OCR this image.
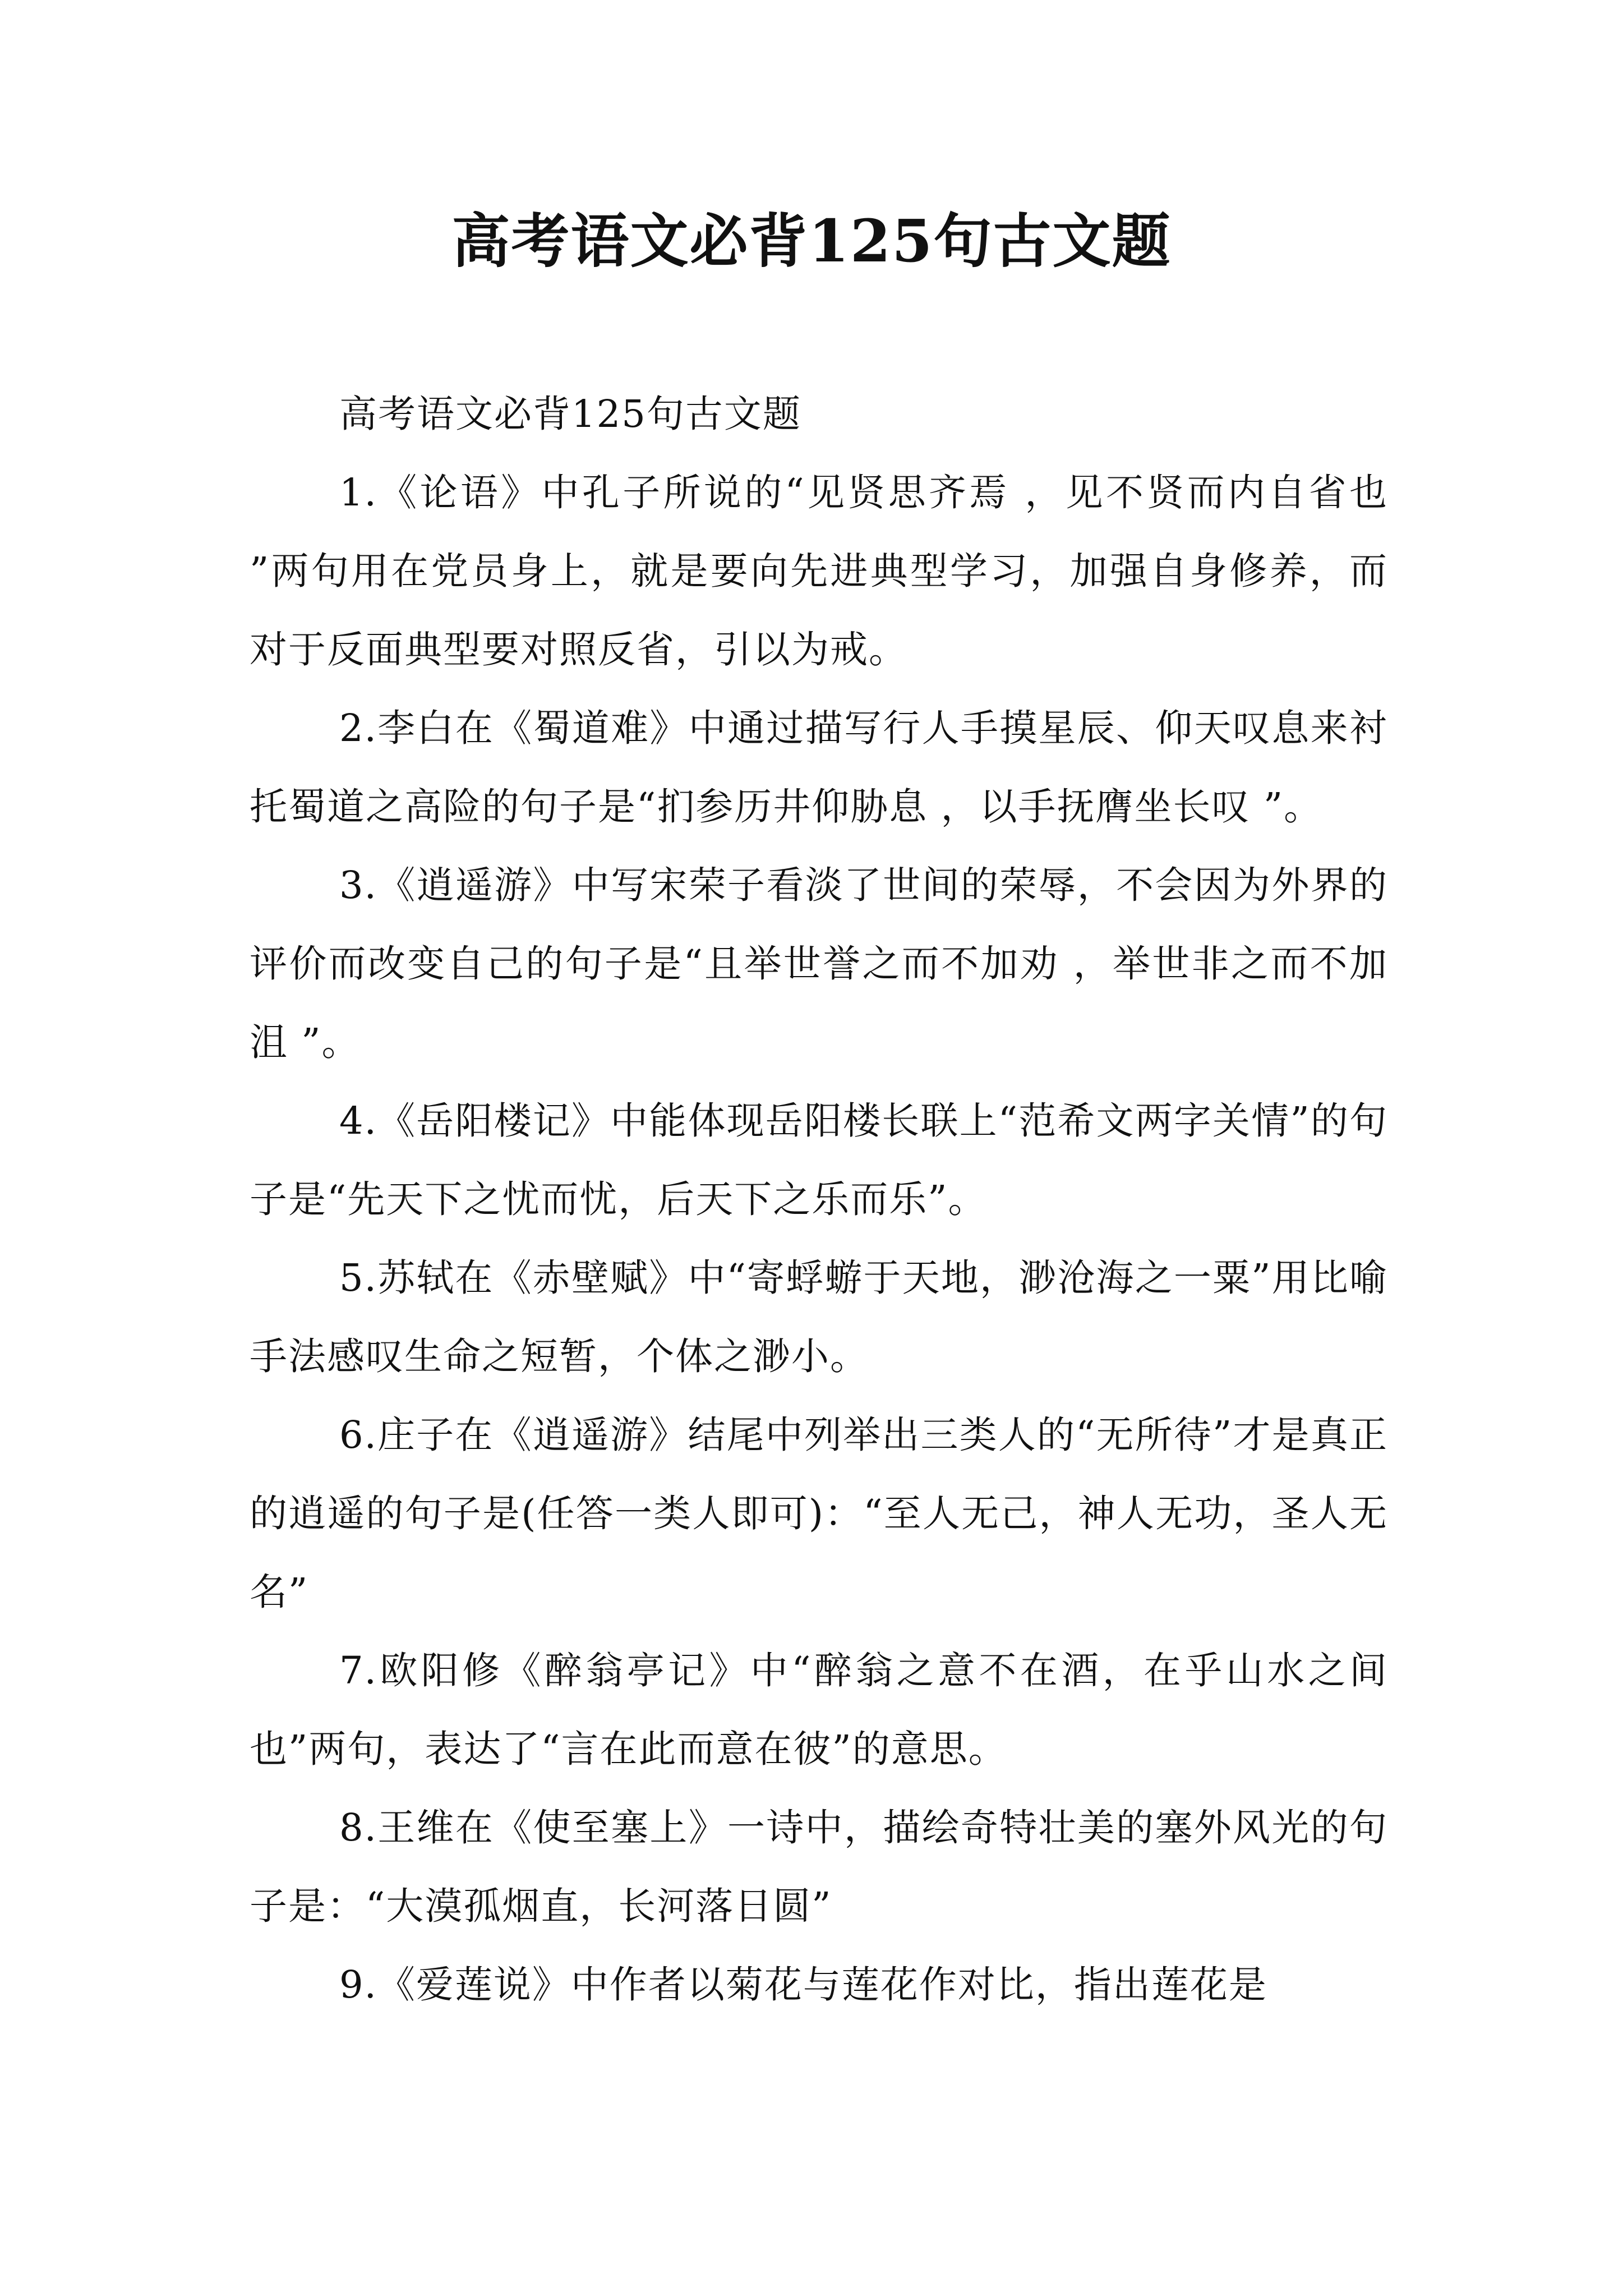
高考语文必背125句古文题

高考语文必背125句古文题

1.《论语》中孔子所说的“见贤思齐焉 ，见不贤而内自省也 ”两句用在党员身上，就是要向先进典型学习，加强自身修养，而对于反面典型要对照反省，引以为戒。

2.李白在《蜀道难》中通过描写行人手摸星辰、仰天叹息来衬托蜀道之高险的句子是“扪参历井仰胁息 ，以手抚膺坐长叹 ”。

3.《逍遥游》中写宋荣子看淡了世间的荣辱，不会因为外界的评价而改变自己的句子是“且举世誉之而不加劝 ，举世非之而不加沮 ”。

4.《岳阳楼记》中能体现岳阳楼长联上“范希文两字关情”的句子是“先天下之忧而忧，后天下之乐而乐”。

5.苏轼在《赤壁赋》中“寄蜉蝣于天地，渺沧海之一粟”用比喻手法感叹生命之短暂，个体之渺小。

6.庄子在《逍遥游》结尾中列举出三类人的“无所待”才是真正的逍遥的句子是(任答一类人即可)：“至人无己，神人无功，圣人无名”

7.欧阳修《醉翁亭记》中“醉翁之意不在酒，在乎山水之间也”两句，表达了“言在此而意在彼”的意思。

8.王维在《使至塞上》一诗中，描绘奇特壮美的塞外风光的句子是：“大漠孤烟直，长河落日圆”

9.《爱莲说》中作者以菊花与莲花作对比，指出莲花是
